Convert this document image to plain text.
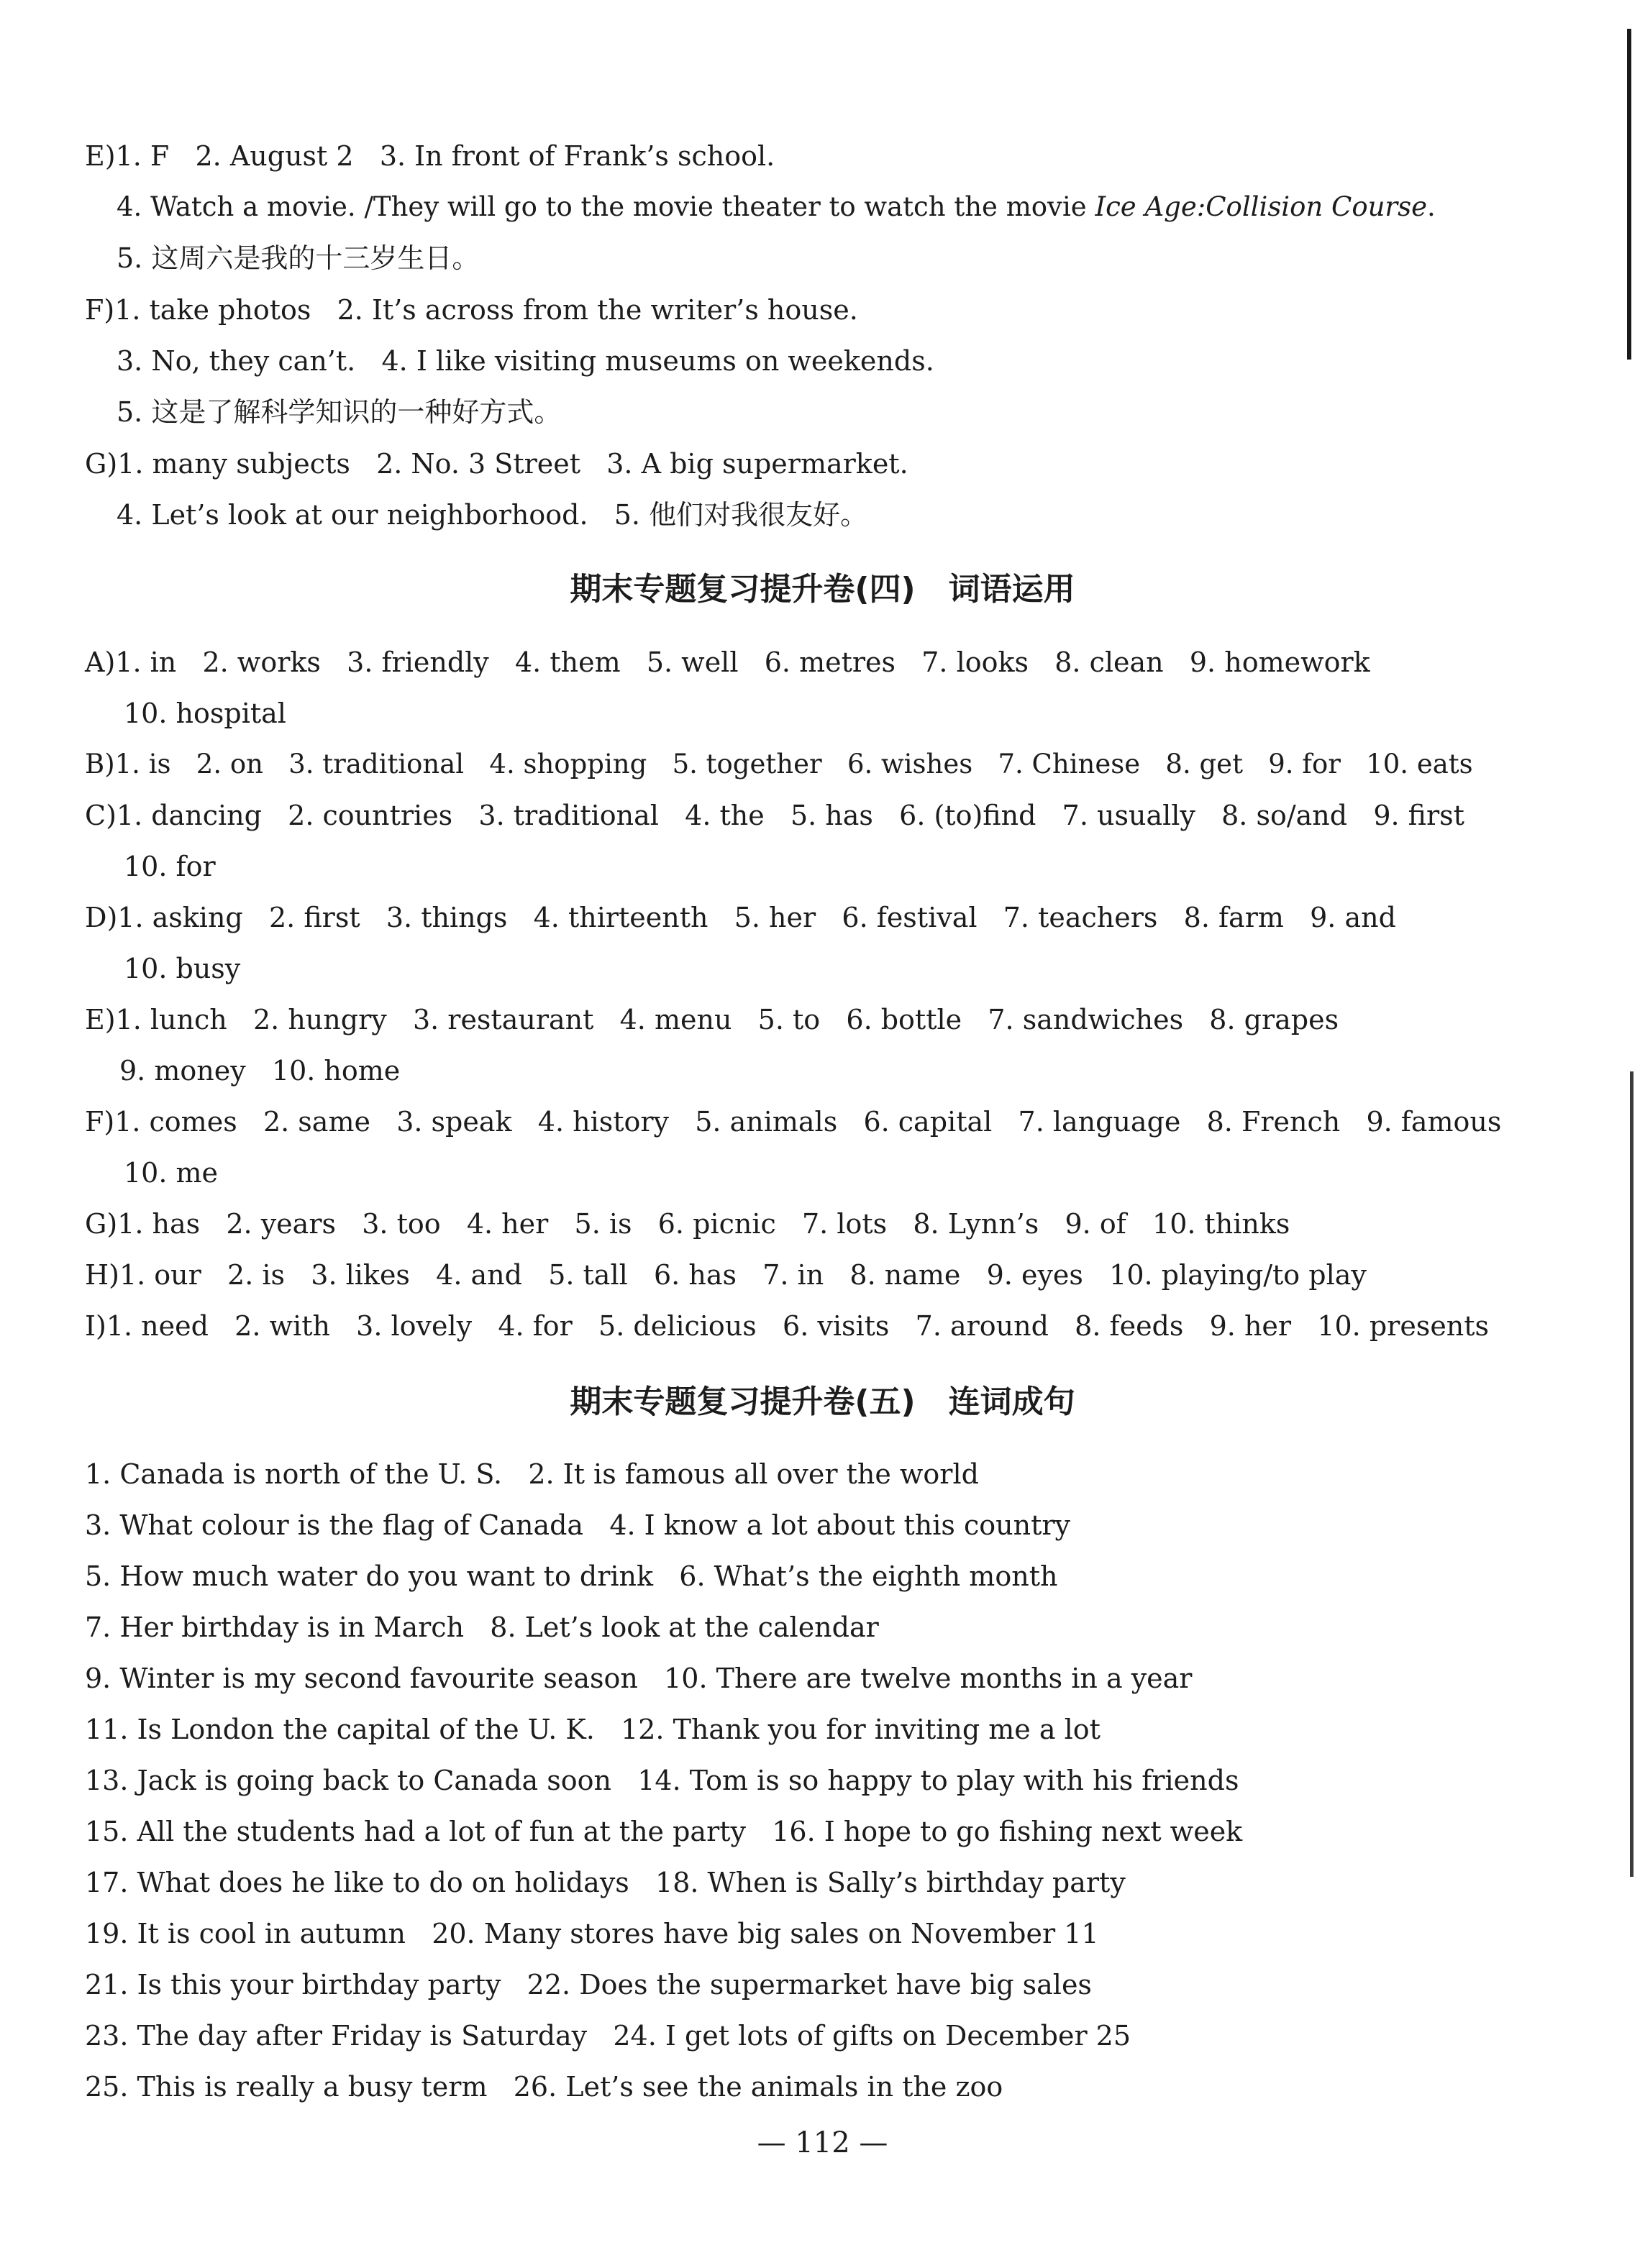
E)1. F   2. August 2   3. In front of Frank’s school.
4. Watch a movie. /They will go to the movie theater to watch the movie Ice Age:Collision Course.
5. 这周六是我的十三岁生日。
F)1. take photos   2. It’s across from the writer’s house.
3. No, they can’t.   4. I like visiting museums on weekends.
5. 这是了解科学知识的一种好方式。
G)1. many subjects   2. No. 3 Street   3. A big supermarket.
4. Let’s look at our neighborhood.   5. 他们对我很友好。
期末专题复习提升卷(四)   词语运用
A)1. in   2. works   3. friendly   4. them   5. well   6. metres   7. looks   8. clean   9. homework
10. hospital
B)1. is   2. on   3. traditional   4. shopping   5. together   6. wishes   7. Chinese   8. get   9. for   10. eats
C)1. dancing   2. countries   3. traditional   4. the   5. has   6. (to)find   7. usually   8. so/and   9. first
10. for
D)1. asking   2. first   3. things   4. thirteenth   5. her   6. festival   7. teachers   8. farm   9. and
10. busy
E)1. lunch   2. hungry   3. restaurant   4. menu   5. to   6. bottle   7. sandwiches   8. grapes
9. money   10. home
F)1. comes   2. same   3. speak   4. history   5. animals   6. capital   7. language   8. French   9. famous
10. me
G)1. has   2. years   3. too   4. her   5. is   6. picnic   7. lots   8. Lynn’s   9. of   10. thinks
H)1. our   2. is   3. likes   4. and   5. tall   6. has   7. in   8. name   9. eyes   10. playing/to play
I)1. need   2. with   3. lovely   4. for   5. delicious   6. visits   7. around   8. feeds   9. her   10. presents
期末专题复习提升卷(五)   连词成句
1. Canada is north of the U. S.   2. It is famous all over the world
3. What colour is the flag of Canada   4. I know a lot about this country
5. How much water do you want to drink   6. What’s the eighth month
7. Her birthday is in March   8. Let’s look at the calendar
9. Winter is my second favourite season   10. There are twelve months in a year
11. Is London the capital of the U. K.   12. Thank you for inviting me a lot
13. Jack is going back to Canada soon   14. Tom is so happy to play with his friends
15. All the students had a lot of fun at the party   16. I hope to go fishing next week
17. What does he like to do on holidays   18. When is Sally’s birthday party
19. It is cool in autumn   20. Many stores have big sales on November 11
21. Is this your birthday party   22. Does the supermarket have big sales
23. The day after Friday is Saturday   24. I get lots of gifts on December 25
25. This is really a busy term   26. Let’s see the animals in the zoo
— 112 —
